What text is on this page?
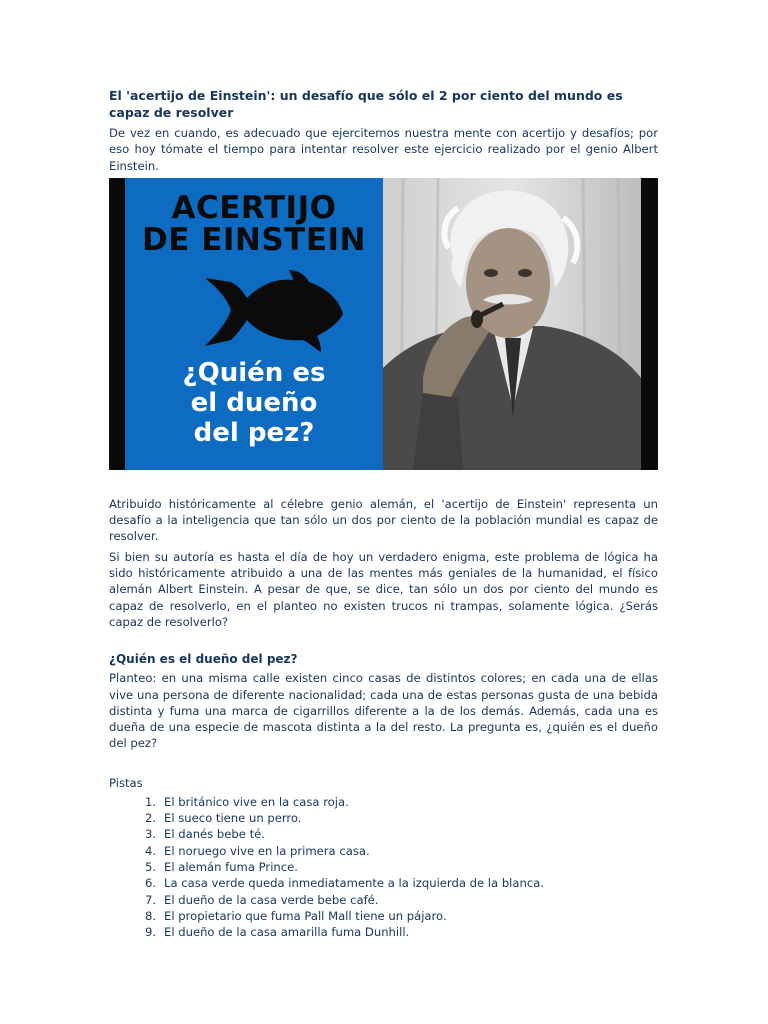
El 'acertijo de Einstein': un desafío que sólo el 2 por ciento del mundo es capaz de resolver

De vez en cuando, es adecuado que ejercitemos nuestra mente con acertijo y desafíos; por eso hoy tómate el tiempo para intentar resolver este ejercicio realizado por el genio Albert Einstein.

ACERTIJO
DE EINSTEIN
¿Quién es
el dueño
del pez?

Atribuido históricamente al célebre genio alemán, el 'acertijo de Einstein' representa un desafío a la inteligencia que tan sólo un dos por ciento de la población mundial es capaz de resolver.

Si bien su autoría es hasta el día de hoy un verdadero enigma, este problema de lógica ha sido históricamente atribuido a una de las mentes más geniales de la humanidad, el físico alemán Albert Einstein. A pesar de que, se dice, tan sólo un dos por ciento del mundo es capaz de resolverlo, en el planteo no existen trucos ni trampas, solamente lógica. ¿Serás capaz de resolverlo?

¿Quién es el dueño del pez?

Planteo: en una misma calle existen cinco casas de distintos colores; en cada una de ellas vive una persona de diferente nacionalidad; cada una de estas personas gusta de una bebida distinta y fuma una marca de cigarrillos diferente a la de los demás. Además, cada una es dueña de una especie de mascota distinta a la del resto. La pregunta es, ¿quién es el dueño del pez?

Pistas

1. El británico vive en la casa roja.
2. El sueco tiene un perro.
3. El danés bebe té.
4. El noruego vive en la primera casa.
5. El alemán fuma Prince.
6. La casa verde queda inmediatamente a la izquierda de la blanca.
7. El dueño de la casa verde bebe café.
8. El propietario que fuma Pall Mall tiene un pájaro.
9. El dueño de la casa amarilla fuma Dunhill.
